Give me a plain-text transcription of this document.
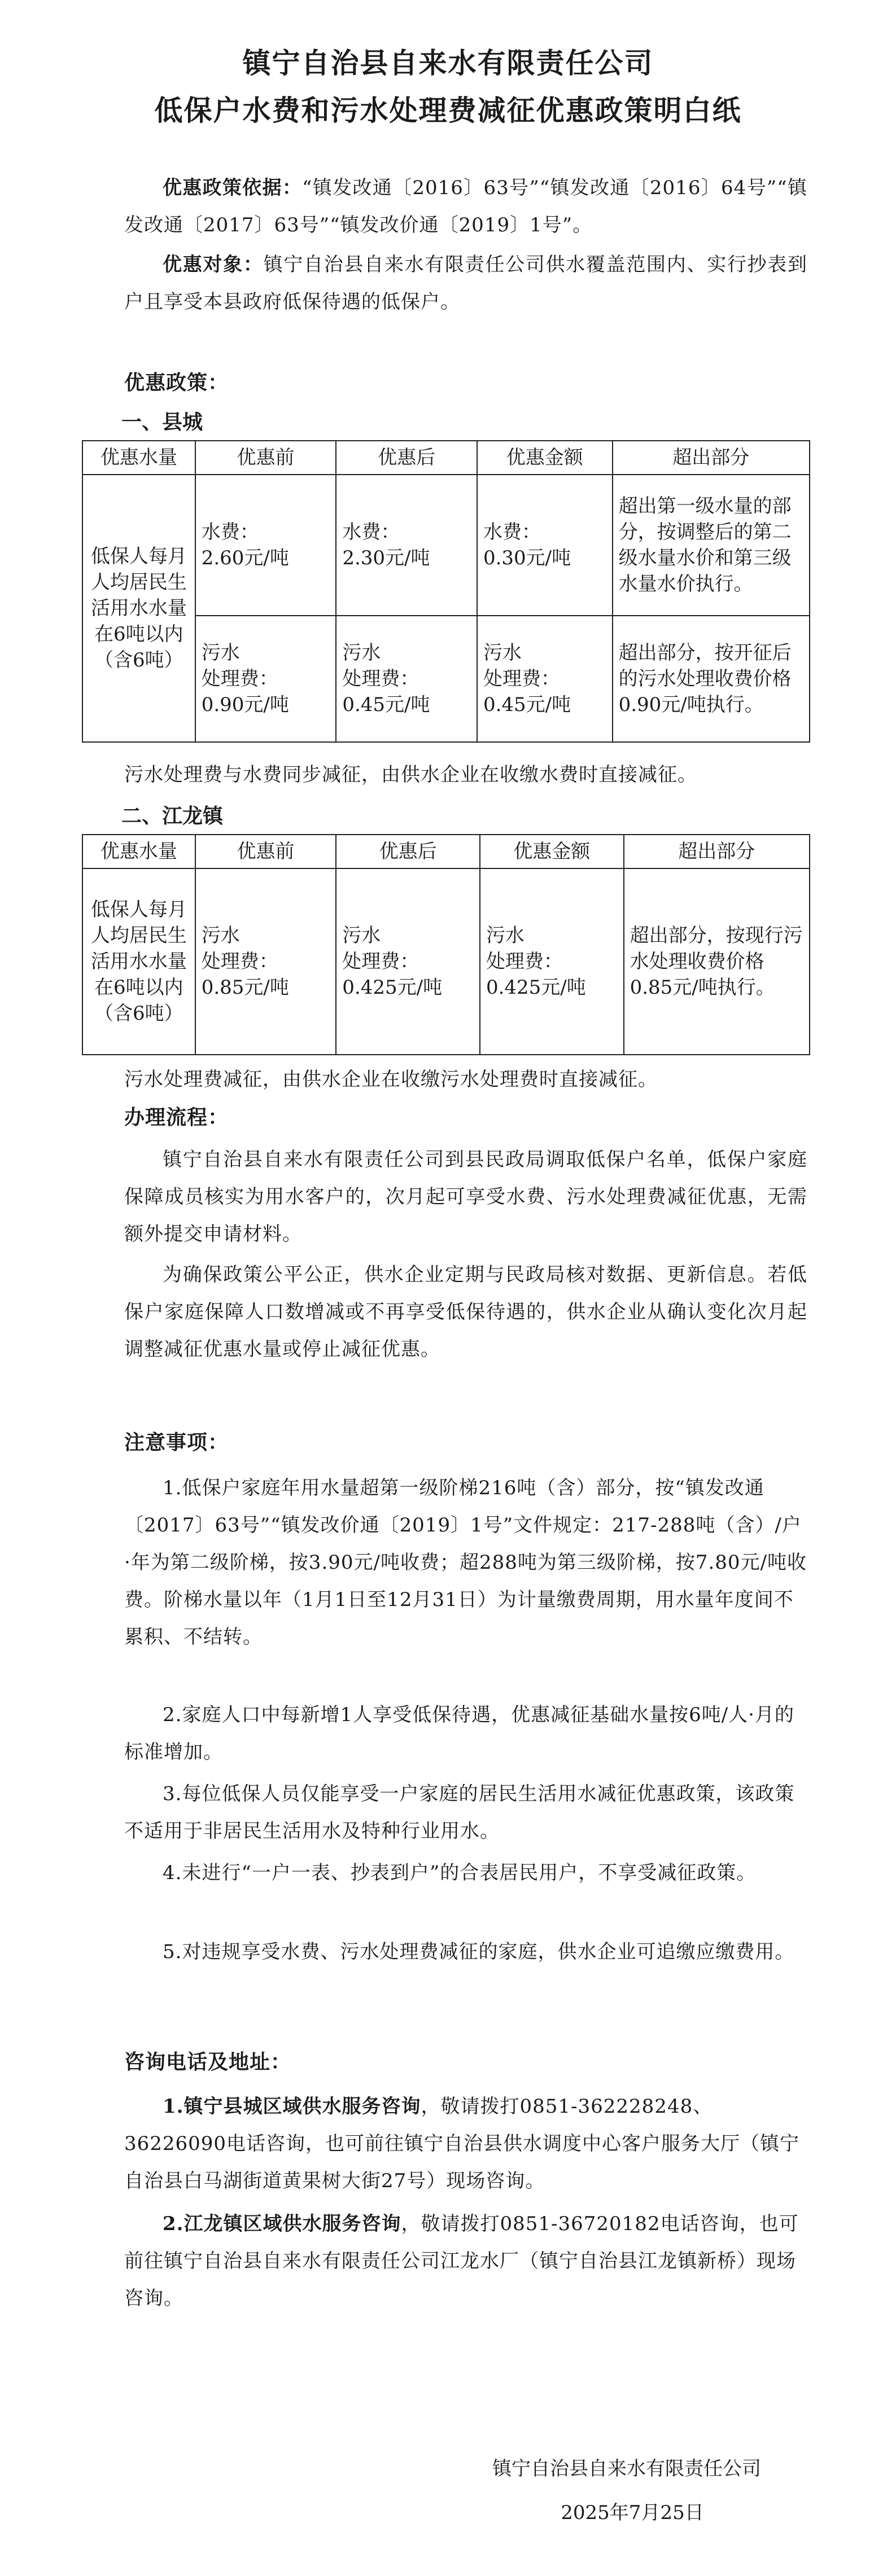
镇宁自治县自来水有限责任公司
低保户水费和污水处理费减征优惠政策明白纸
优惠政策依据：“镇发改通〔2016〕63号”“镇发改通〔2016〕64号”“镇发改通〔2017〕63号”“镇发改价通〔2019〕1号”。
优惠对象：镇宁自治县自来水有限责任公司供水覆盖范围内、实行抄表到户且享受本县政府低保待遇的低保户。
优惠政策：
一、县城
优惠水量	优惠前	优惠后	优惠金额	超出部分
低保人每月人均居民生活用水水量在6吨以内（含6吨）	水费：
2.60元/吨	水费：
2.30元/吨	水费：
0.30元/吨	超出第一级水量的部分，按调整后的第二级水量水价和第三级水量水价执行。
	污水
处理费：
0.90元/吨	污水
处理费：
0.45元/吨	污水
处理费：
0.45元/吨	超出部分，按开征后的污水处理收费价格0.90元/吨执行。
污水处理费与水费同步减征，由供水企业在收缴水费时直接减征。
二、江龙镇
优惠水量	优惠前	优惠后	优惠金额	超出部分
低保人每月人均居民生活用水水量在6吨以内（含6吨）	污水
处理费：
0.85元/吨	污水
处理费：
0.425元/吨	污水
处理费：
0.425元/吨	超出部分，按现行污水处理收费价格0.85元/吨执行。
污水处理费减征，由供水企业在收缴污水处理费时直接减征。
办理流程：
镇宁自治县自来水有限责任公司到县民政局调取低保户名单，低保户家庭保障成员核实为用水客户的，次月起可享受水费、污水处理费减征优惠，无需额外提交申请材料。
为确保政策公平公正，供水企业定期与民政局核对数据、更新信息。若低保户家庭保障人口数增减或不再享受低保待遇的，供水企业从确认变化次月起调整减征优惠水量或停止减征优惠。
注意事项：
1.低保户家庭年用水量超第一级阶梯216吨（含）部分，按“镇发改通〔2017〕63号”“镇发改价通〔2019〕1号”文件规定：217-288吨（含）/户·年为第二级阶梯，按3.90元/吨收费；超288吨为第三级阶梯，按7.80元/吨收费。阶梯水量以年（1月1日至12月31日）为计量缴费周期，用水量年度间不累积、不结转。
2.家庭人口中每新增1人享受低保待遇，优惠减征基础水量按6吨/人·月的标准增加。
3.每位低保人员仅能享受一户家庭的居民生活用水减征优惠政策，该政策不适用于非居民生活用水及特种行业用水。
4.未进行“一户一表、抄表到户”的合表居民用户，不享受减征政策。
5.对违规享受水费、污水处理费减征的家庭，供水企业可追缴应缴费用。
咨询电话及地址：
1.镇宁县城区域供水服务咨询，敬请拨打0851-362228248、36226090电话咨询，也可前往镇宁自治县供水调度中心客户服务大厅（镇宁自治县白马湖街道黄果树大街27号）现场咨询。
2.江龙镇区域供水服务咨询，敬请拨打0851-36720182电话咨询，也可前往镇宁自治县自来水有限责任公司江龙水厂（镇宁自治县江龙镇新桥）现场咨询。
镇宁自治县自来水有限责任公司
2025年7月25日
